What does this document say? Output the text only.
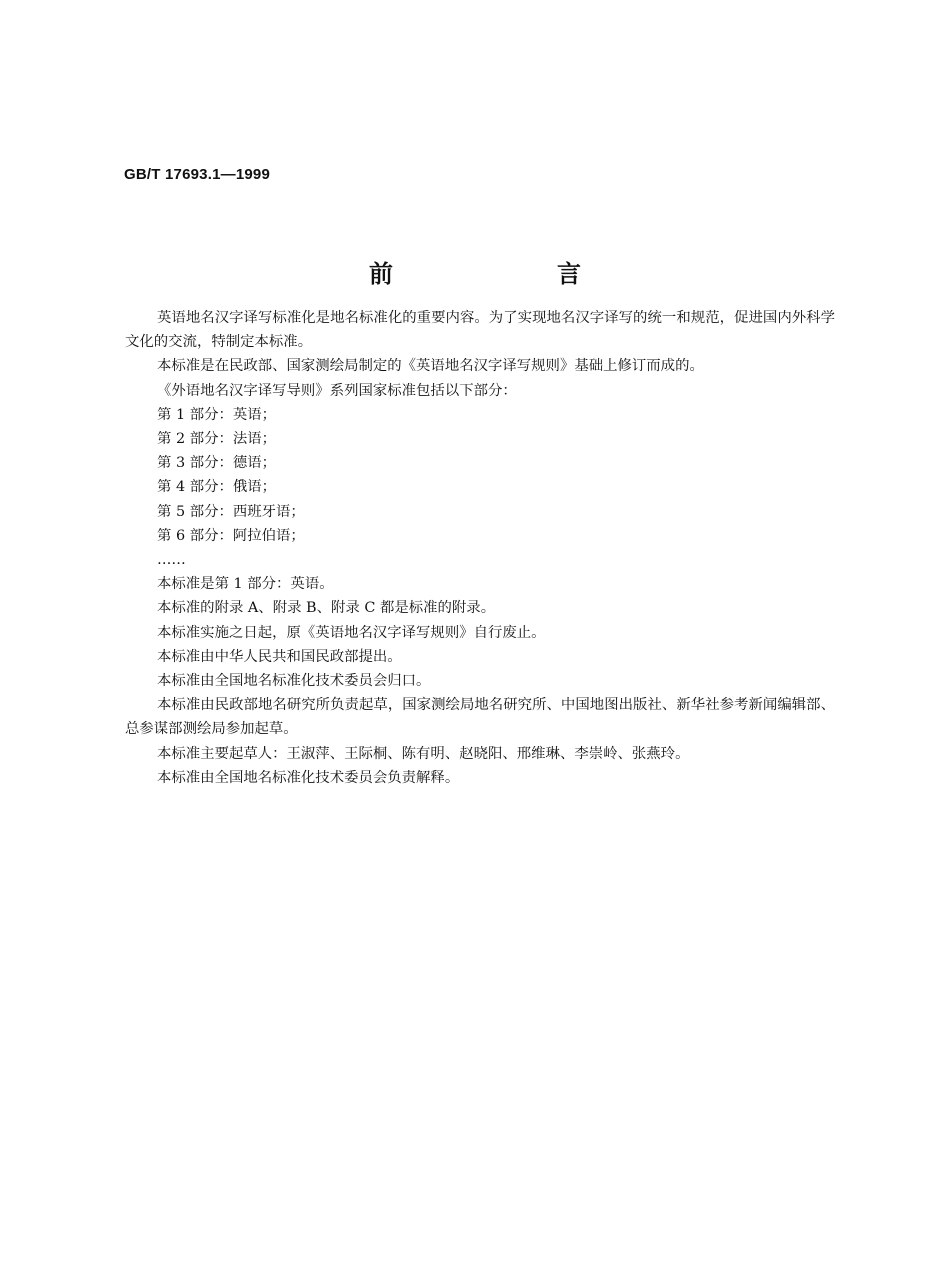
GB/T 17693.1—1999
前　言

英语地名汉字译写标准化是地名标准化的重要内容。为了实现地名汉字译写的统一和规范，促进国内外科学文化的交流，特制定本标准。

本标准是在民政部、国家测绘局制定的《英语地名汉字译写规则》基础上修订而成的。

《外语地名汉字译写导则》系列国家标准包括以下部分：

第 1 部分：英语；

第 2 部分：法语；

第 3 部分：德语；

第 4 部分：俄语；

第 5 部分：西班牙语；

第 6 部分：阿拉伯语；

……

本标准是第 1 部分：英语。

本标准的附录 A、附录 B、附录 C 都是标准的附录。

本标准实施之日起，原《英语地名汉字译写规则》自行废止。

本标准由中华人民共和国民政部提出。

本标准由全国地名标准化技术委员会归口。

本标准由民政部地名研究所负责起草，国家测绘局地名研究所、中国地图出版社、新华社参考新闻编辑部、总参谋部测绘局参加起草。

本标准主要起草人：王淑萍、王际桐、陈有明、赵晓阳、邢维琳、李崇岭、张燕玲。

本标准由全国地名标准化技术委员会负责解释。
